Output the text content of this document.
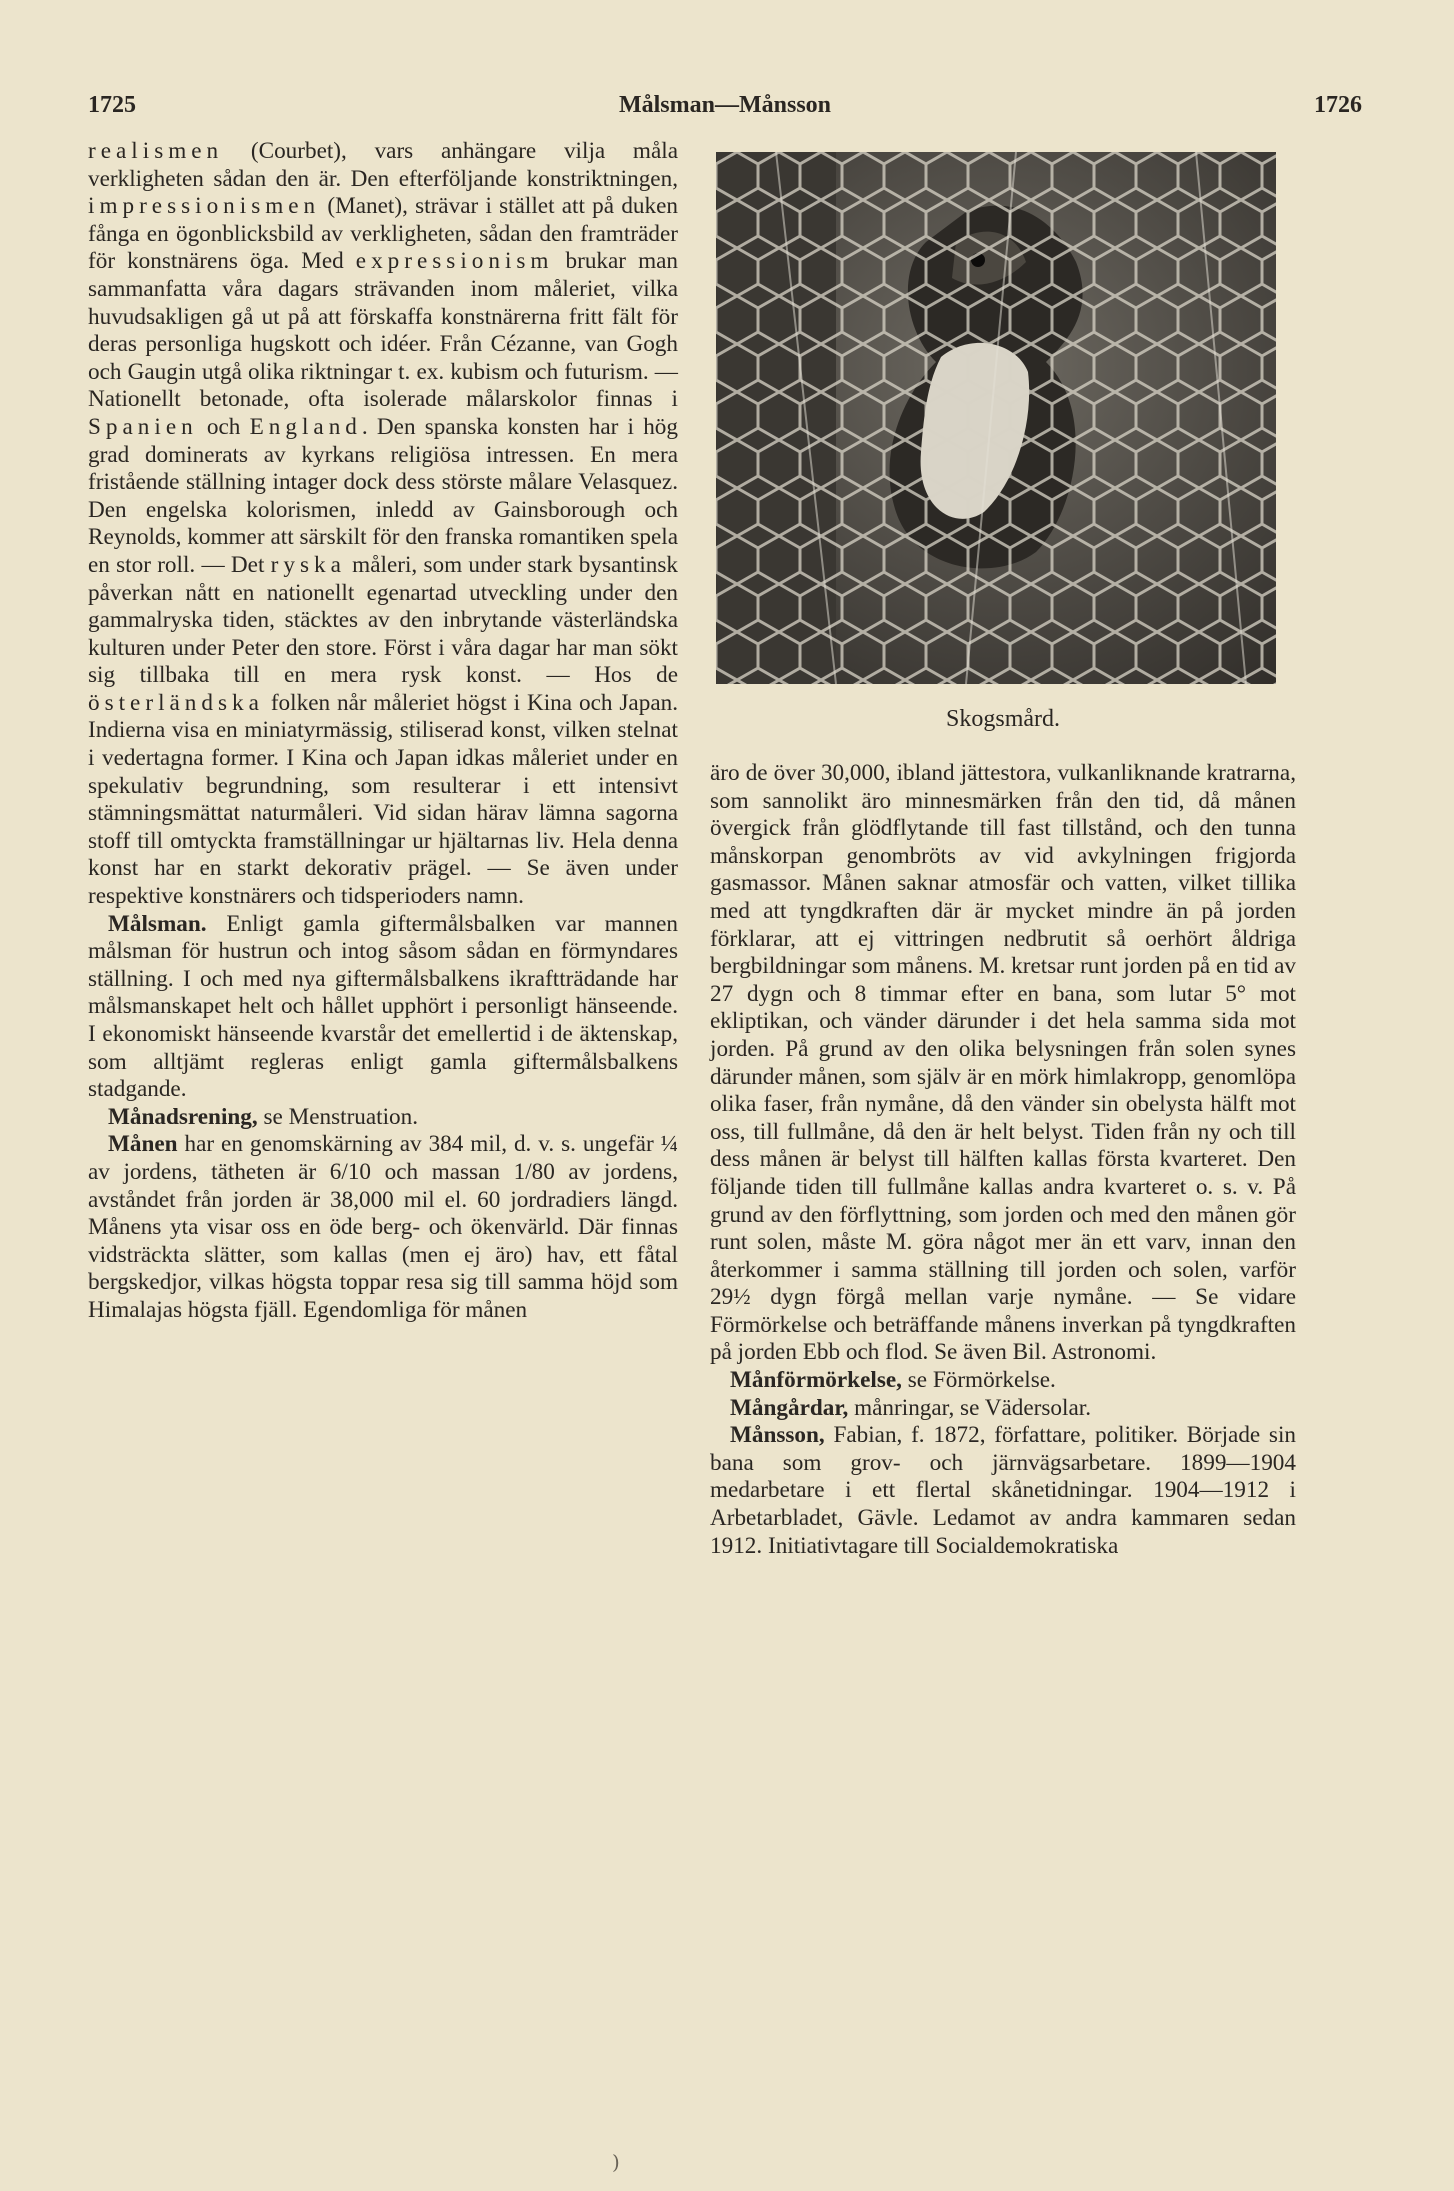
1725	Målsman—Månsson	1726

realismen (Courbet), vars anhängare vilja måla verkligheten sådan den är. Den efterföljande konstriktningen, impressionismen (Manet), strävar i stället att på duken fånga en ögonblicksbild av verkligheten, sådan den framträder för konstnärens öga. Med expressionism brukar man sammanfatta våra dagars strävanden inom måleriet, vilka huvudsakligen gå ut på att förskaffa konstnärerna fritt fält för deras personliga hugskott och idéer. Från Cézanne, van Gogh och Gaugin utgå olika riktningar t. ex. kubism och futurism. — Nationellt betonade, ofta isolerade målarskolor finnas i Spanien och England. Den spanska konsten har i hög grad dominerats av kyrkans religiösa intressen. En mera fristående ställning intager dock dess störste målare Velasquez. Den engelska kolorismen, inledd av Gainsborough och Reynolds, kommer att särskilt för den franska romantiken spela en stor roll. — Det ryska måleri, som under stark bysantinsk påverkan nått en nationellt egenartad utveckling under den gammalryska tiden, stäcktes av den inbrytande västerländska kulturen under Peter den store. Först i våra dagar har man sökt sig tillbaka till en mera rysk konst. — Hos de österländska folken når måleriet högst i Kina och Japan. Indierna visa en miniatyrmässig, stiliserad konst, vilken stelnat i vedertagna former. I Kina och Japan idkas måleriet under en spekulativ begrundning, som resulterar i ett intensivt stämningsmättat naturmåleri. Vid sidan härav lämna sagorna stoff till omtyckta framställningar ur hjältarnas liv. Hela denna konst har en starkt dekorativ prägel. — Se även under respektive konstnärers och tidsperioders namn.

Målsman. Enligt gamla giftermålsbalken var mannen målsman för hustrun och intog såsom sådan en förmyndares ställning. I och med nya giftermålsbalkens ikraftträdande har målsmanskapet helt och hållet upphört i personligt hänseende. I ekonomiskt hänseende kvarstår det emellertid i de äktenskap, som alltjämt regleras enligt gamla giftermålsbalkens stadgande.

Månadsrening, se Menstruation.

Månen har en genomskärning av 384 mil, d. v. s. ungefär ¼ av jordens, tätheten är 6/10 och massan 1/80 av jordens, avståndet från jorden är 38,000 mil el. 60 jordradiers längd. Månens yta visar oss en öde berg- och ökenvärld. Där finnas vidsträckta slätter, som kallas (men ej äro) hav, ett fåtal bergskedjor, vilkas högsta toppar resa sig till samma höjd som Himalajas högsta fjäll. Egendomliga för månen

Skogsmård.

äro de över 30,000, ibland jättestora, vulkanliknande kratrarna, som sannolikt äro minnesmärken från den tid, då månen övergick från glödflytande till fast tillstånd, och den tunna månskorpan genombröts av vid avkylningen frigjorda gasmassor. Månen saknar atmosfär och vatten, vilket tillika med att tyngdkraften där är mycket mindre än på jorden förklarar, att ej vittringen nedbrutit så oerhört åldriga bergbildningar som månens. M. kretsar runt jorden på en tid av 27 dygn och 8 timmar efter en bana, som lutar 5° mot ekliptikan, och vänder därunder i det hela samma sida mot jorden. På grund av den olika belysningen från solen synes därunder månen, som själv är en mörk himlakropp, genomlöpa olika faser, från nymåne, då den vänder sin obelysta hälft mot oss, till fullmåne, då den är helt belyst. Tiden från ny och till dess månen är belyst till hälften kallas första kvarteret. Den följande tiden till fullmåne kallas andra kvarteret o. s. v. På grund av den förflyttning, som jorden och med den månen gör runt solen, måste M. göra något mer än ett varv, innan den återkommer i samma ställning till jorden och solen, varför 29½ dygn förgå mellan varje nymåne. — Se vidare Förmörkelse och beträffande månens inverkan på tyngdkraften på jorden Ebb och flod. Se även Bil. Astronomi.

Månförmörkelse, se Förmörkelse.

Mångårdar, månringar, se Vädersolar.

Månsson, Fabian, f. 1872, författare, politiker. Började sin bana som grov- och järnvägsarbetare. 1899—1904 medarbetare i ett flertal skånetidningar. 1904—1912 i Arbetarbladet, Gävle. Ledamot av andra kammaren sedan 1912. Initiativtagare till Socialdemokratiska

)
